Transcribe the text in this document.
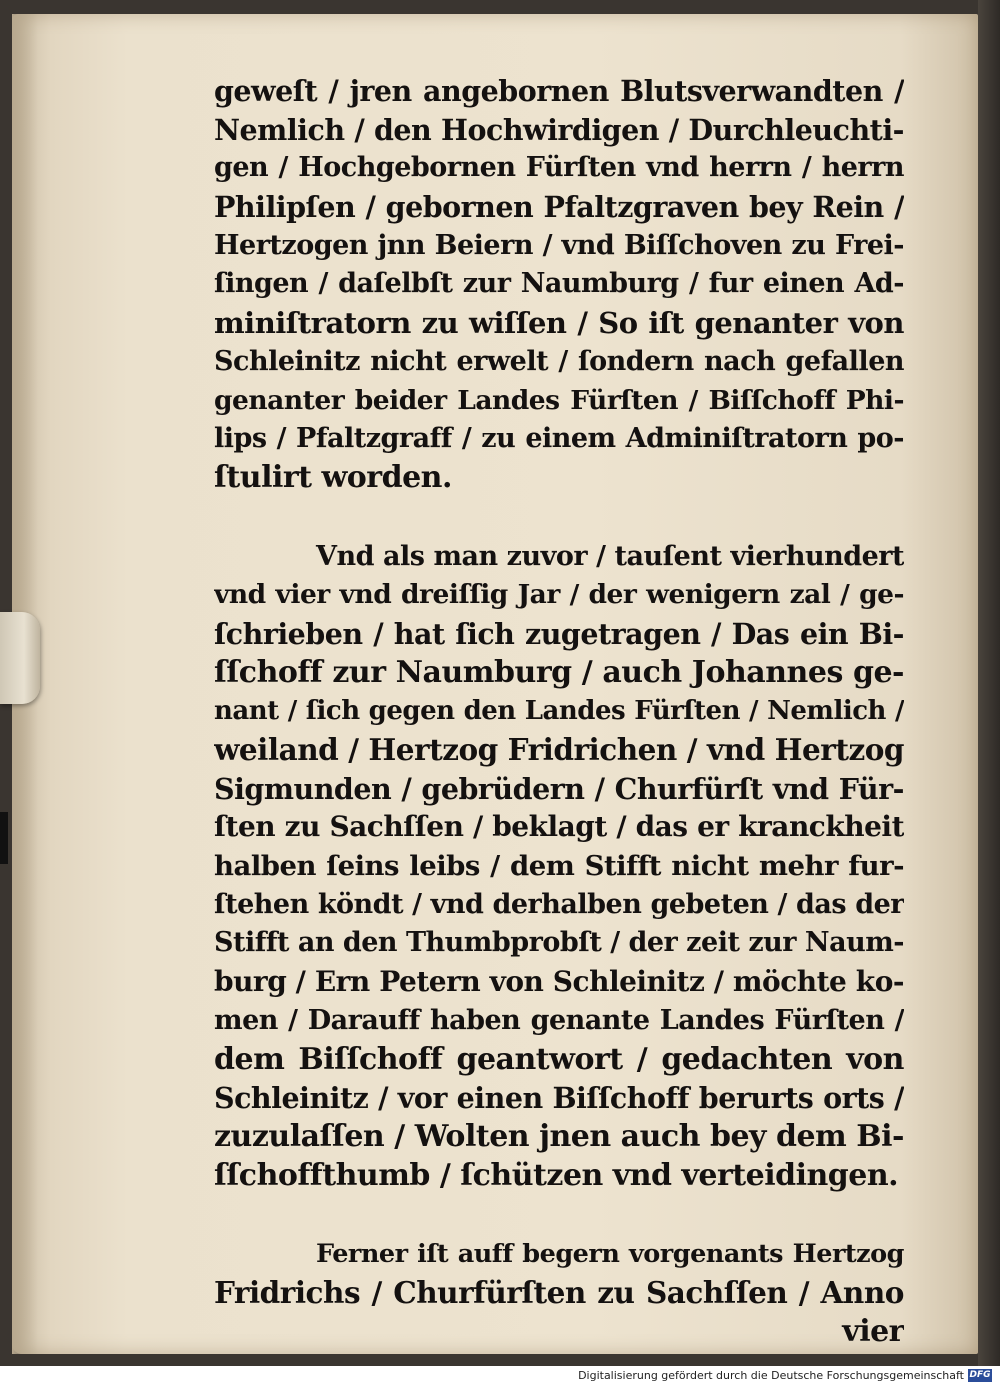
geweſt / jren angebornen Blutsverwandten /
Nemlich / den Hochwirdigen / Durchleuchti-
gen / Hochgebornen Fürſten vnd herrn / herrn
Philipſen / gebornen Pfaltzgraven bey Rein /
Hertzogen jnn Beiern / vnd Biſſchoven zu Frei-
ſingen / daſelbſt zur Naumburg / fur einen Ad-
miniſtratorn zu wiſſen / So iſt genanter von
Schleinitz nicht erwelt / ſondern nach gefallen
genanter beider Landes Fürſten / Biſſchoff Phi-
lips / Pfaltzgraff / zu einem Adminiſtratorn po-
ſtulirt worden.
Vnd als man zuvor / tauſent vierhundert
vnd vier vnd dreiſſig Jar / der wenigern zal / ge-
ſchrieben / hat ſich zugetragen / Das ein Bi-
ſſchoff zur Naumburg / auch Johannes ge-
nant / ſich gegen den Landes Fürſten / Nemlich /
weiland / Hertzog Fridrichen / vnd Hertzog
Sigmunden / gebrüdern / Churfürſt vnd Für-
ſten zu Sachſſen / beklagt / das er kranckheit
halben ſeins leibs / dem Stifft nicht mehr fur-
ſtehen köndt / vnd derhalben gebeten / das der
Stifft an den Thumbprobſt / der zeit zur Naum-
burg / Ern Petern von Schleinitz / möchte ko-
men / Darauff haben genante Landes Fürſten /
dem Biſſchoff geantwort / gedachten von
Schleinitz / vor einen Biſſchoff berurts orts /
zuzulaſſen / Wolten jnen auch bey dem Bi-
ſſchoffthumb / ſchützen vnd verteidingen.
Ferner iſt auff begern vorgenants Hertzog
Fridrichs / Churfürſten zu Sachſſen / Anno
vier
Digitalisierung gefördert durch die Deutsche Forschungsgemeinschaft DFG
